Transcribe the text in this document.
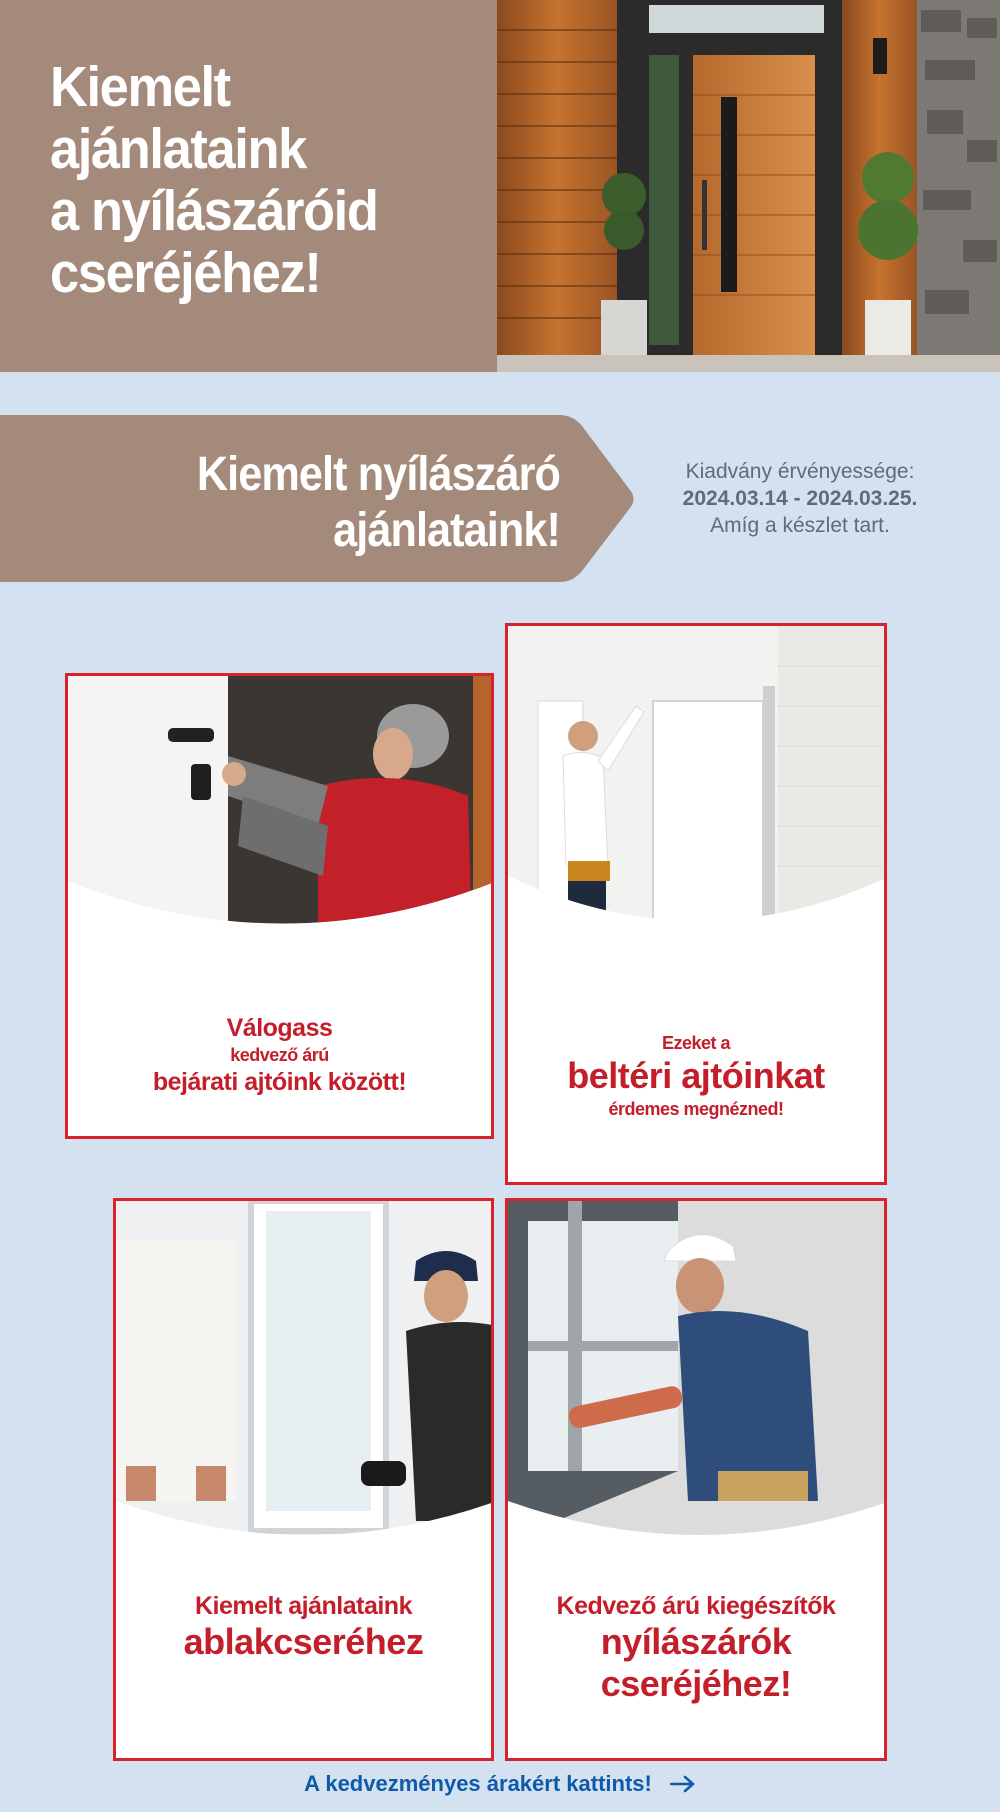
Kiemelt
ajánlataink
a nyílászáróid
cseréjéhez!
Kiemelt nyílászáró
ajánlataink!
Kiadvány érvényessége:
2024.03.14 - 2024.03.25.
Amíg a készlet tart.
Válogass
kedvező árú
bejárati ajtóink között!
Ezeket a
beltéri ajtóinkat
érdemes megnézned!
Kiemelt ajánlataink
ablakcseréhez
Kedvező árú kiegészítők
nyílászárók
cseréjéhez!
A kedvezményes árakért kattints!
